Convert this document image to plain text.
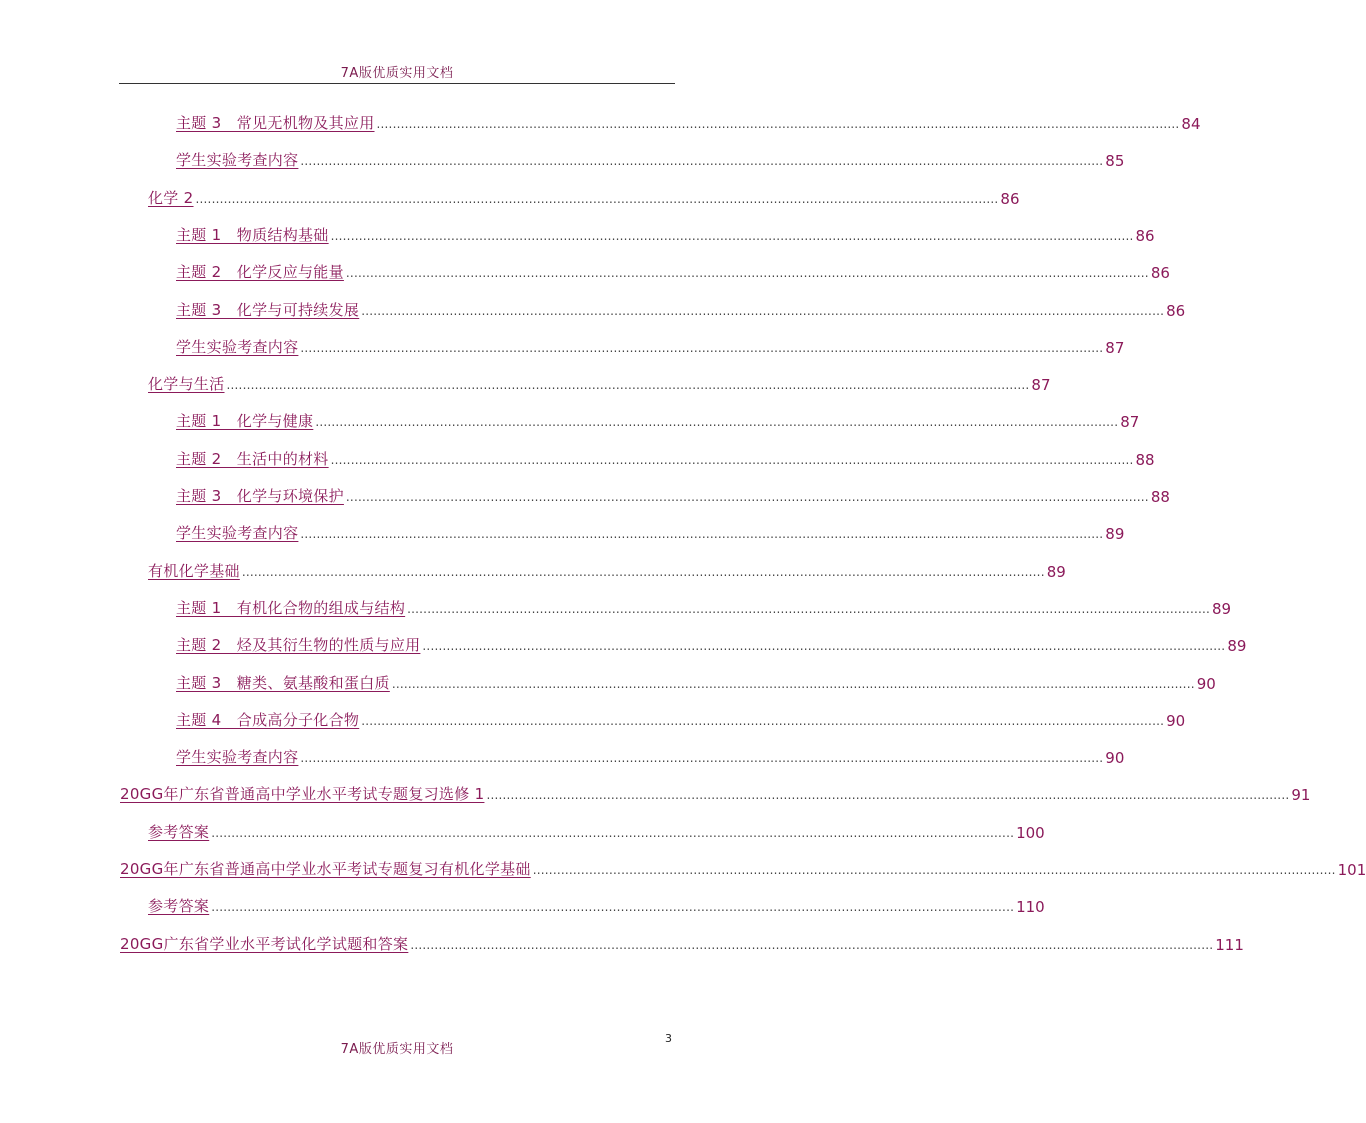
7A版优质实用文档
主题 3　常见无机物及其应用 ........................................................................................................................................................................................................ 84
学生实验考查内容 ........................................................................................................................................................................................................ 85
化学 2 ........................................................................................................................................................................................................ 86
主题 1　物质结构基础 ........................................................................................................................................................................................................ 86
主题 2　化学反应与能量 ........................................................................................................................................................................................................ 86
主题 3　化学与可持续发展 ........................................................................................................................................................................................................ 86
学生实验考查内容 ........................................................................................................................................................................................................ 87
化学与生活 ........................................................................................................................................................................................................ 87
主题 1　化学与健康 ........................................................................................................................................................................................................ 87
主题 2　生活中的材料 ........................................................................................................................................................................................................ 88
主题 3　化学与环境保护 ........................................................................................................................................................................................................ 88
学生实验考查内容 ........................................................................................................................................................................................................ 89
有机化学基础 ........................................................................................................................................................................................................ 89
主题 1　有机化合物的组成与结构 ........................................................................................................................................................................................................ 89
主题 2　烃及其衍生物的性质与应用 ........................................................................................................................................................................................................ 89
主题 3　糖类、氨基酸和蛋白质 ........................................................................................................................................................................................................ 90
主题 4　合成高分子化合物 ........................................................................................................................................................................................................ 90
学生实验考查内容 ........................................................................................................................................................................................................ 90
20GG年广东省普通高中学业水平考试专题复习选修 1 ........................................................................................................................................................................................................ 91
参考答案 ........................................................................................................................................................................................................ 100
20GG年广东省普通高中学业水平考试专题复习有机化学基础 ........................................................................................................................................................................................................ 101
参考答案 ........................................................................................................................................................................................................ 110
20GG广东省学业水平考试化学试题和答案 ........................................................................................................................................................................................................ 111
3
7A版优质实用文档
